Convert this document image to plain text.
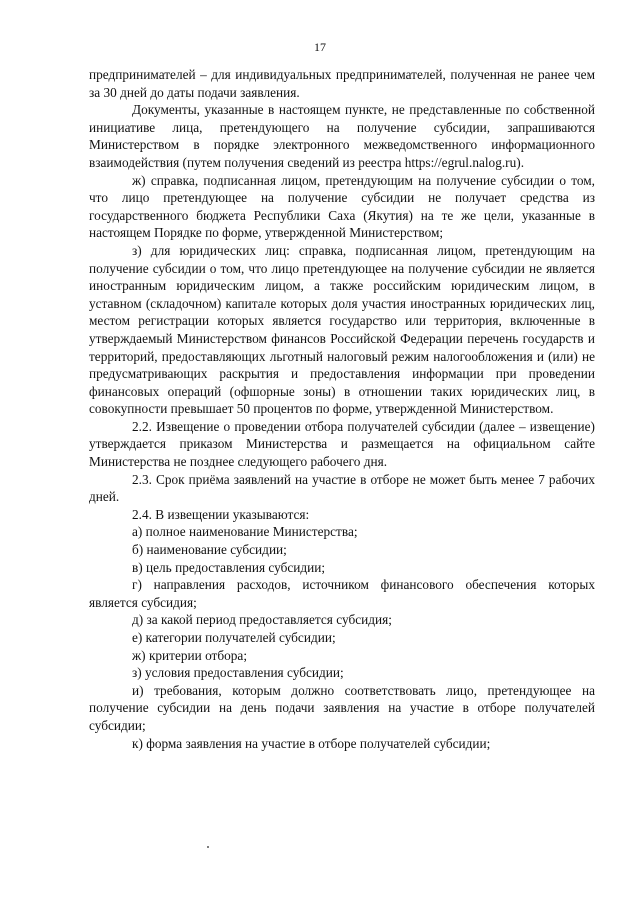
17

предпринимателей – для индивидуальных предпринимателей, полученная не ранее чем за 30 дней до даты подачи заявления.

Документы, указанные в настоящем пункте, не представленные по собственной инициативе лица, претендующего на получение субсидии, запрашиваются Министерством в порядке электронного межведомственного информационного взаимодействия (путем получения сведений из реестра https://egrul.nalog.ru).

ж) справка, подписанная лицом, претендующим на получение субсидии о том, что лицо претендующее на получение субсидии не получает средства из государственного бюджета Республики Саха (Якутия) на те же цели, указанные в настоящем Порядке по форме, утвержденной Министерством;

з) для юридических лиц: справка, подписанная лицом, претендующим на получение субсидии о том, что лицо претендующее на получение субсидии не является иностранным юридическим лицом, а также российским юридическим лицом, в уставном (складочном) капитале которых доля участия иностранных юридических лиц, местом регистрации которых является государство или территория, включенные в утверждаемый Министерством финансов Российской Федерации перечень государств и территорий, предоставляющих льготный налоговый режим налогообложения и (или) не предусматривающих раскрытия и предоставления информации при проведении финансовых операций (офшорные зоны) в отношении таких юридических лиц, в совокупности превышает 50 процентов по форме, утвержденной Министерством.

2.2. Извещение о проведении отбора получателей субсидии (далее – извещение) утверждается приказом Министерства и размещается на официальном сайте Министерства не позднее следующего рабочего дня.

2.3. Срок приёма заявлений на участие в отборе не может быть менее 7 рабочих дней.

2.4. В извещении указываются:

а) полное наименование Министерства;

б) наименование субсидии;

в) цель предоставления субсидии;

г) направления расходов, источником финансового обеспечения которых является субсидия;

д) за какой период предоставляется субсидия;

е) категории получателей субсидии;

ж) критерии отбора;

з) условия предоставления субсидии;

и) требования, которым должно соответствовать лицо, претендующее на получение субсидии на день подачи заявления на участие в отборе получателей субсидии;

к) форма заявления на участие в отборе получателей субсидии;
